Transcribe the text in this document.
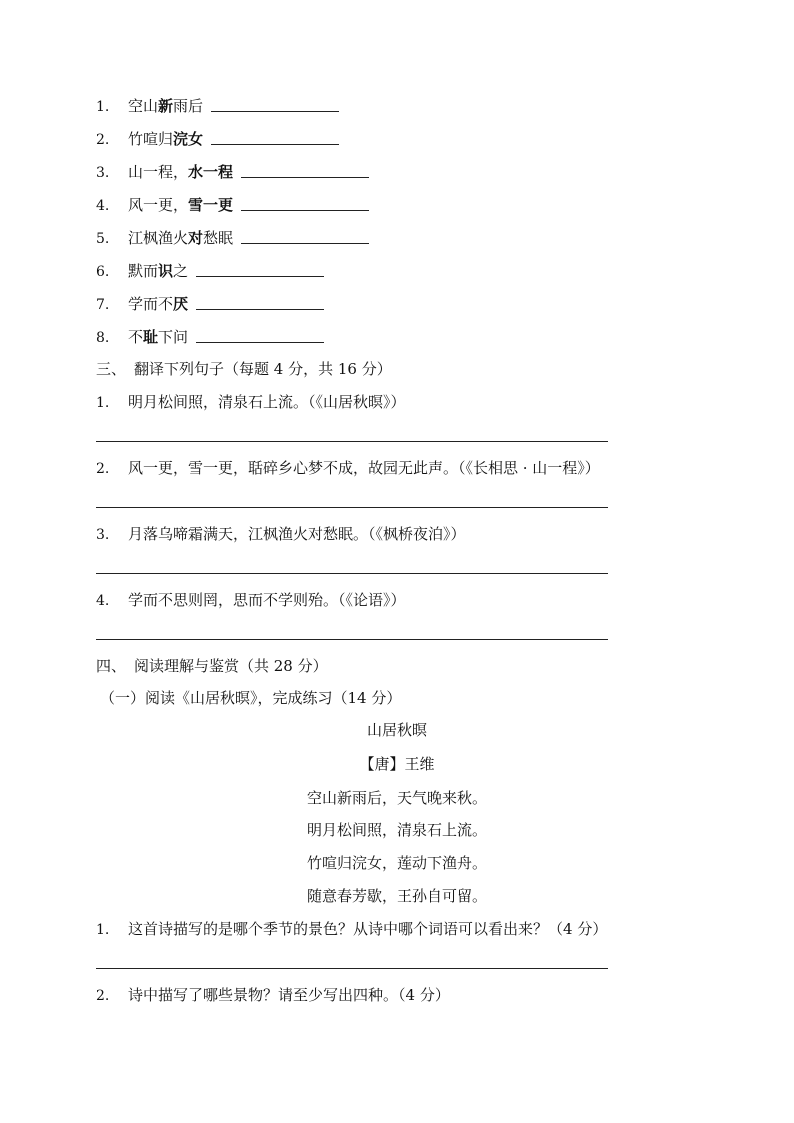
1. 空山新雨后
2. 竹喧归浣女
3. 山一程，水一程
4. 风一更，雪一更
5. 江枫渔火对愁眠
6. 默而识之
7. 学而不厌
8. 不耻下问
三、 翻译下列句子（每题 4 分，共 16 分）
1. 明月松间照，清泉石上流。（《山居秋暝》）
2. 风一更，雪一更，聒碎乡心梦不成，故园无此声。（《长相思 · 山一程》）
3. 月落乌啼霜满天，江枫渔火对愁眠。（《枫桥夜泊》）
4. 学而不思则罔，思而不学则殆。（《论语》）
四、 阅读理解与鉴赏（共 28 分）
（一）阅读《山居秋暝》，完成练习（14 分）
山居秋暝
【唐】王维
空山新雨后，天气晚来秋。
明月松间照，清泉石上流。
竹喧归浣女，莲动下渔舟。
随意春芳歇，王孙自可留。
1. 这首诗描写的是哪个季节的景色？从诗中哪个词语可以看出来？（4 分）
2. 诗中描写了哪些景物？请至少写出四种。（4 分）
